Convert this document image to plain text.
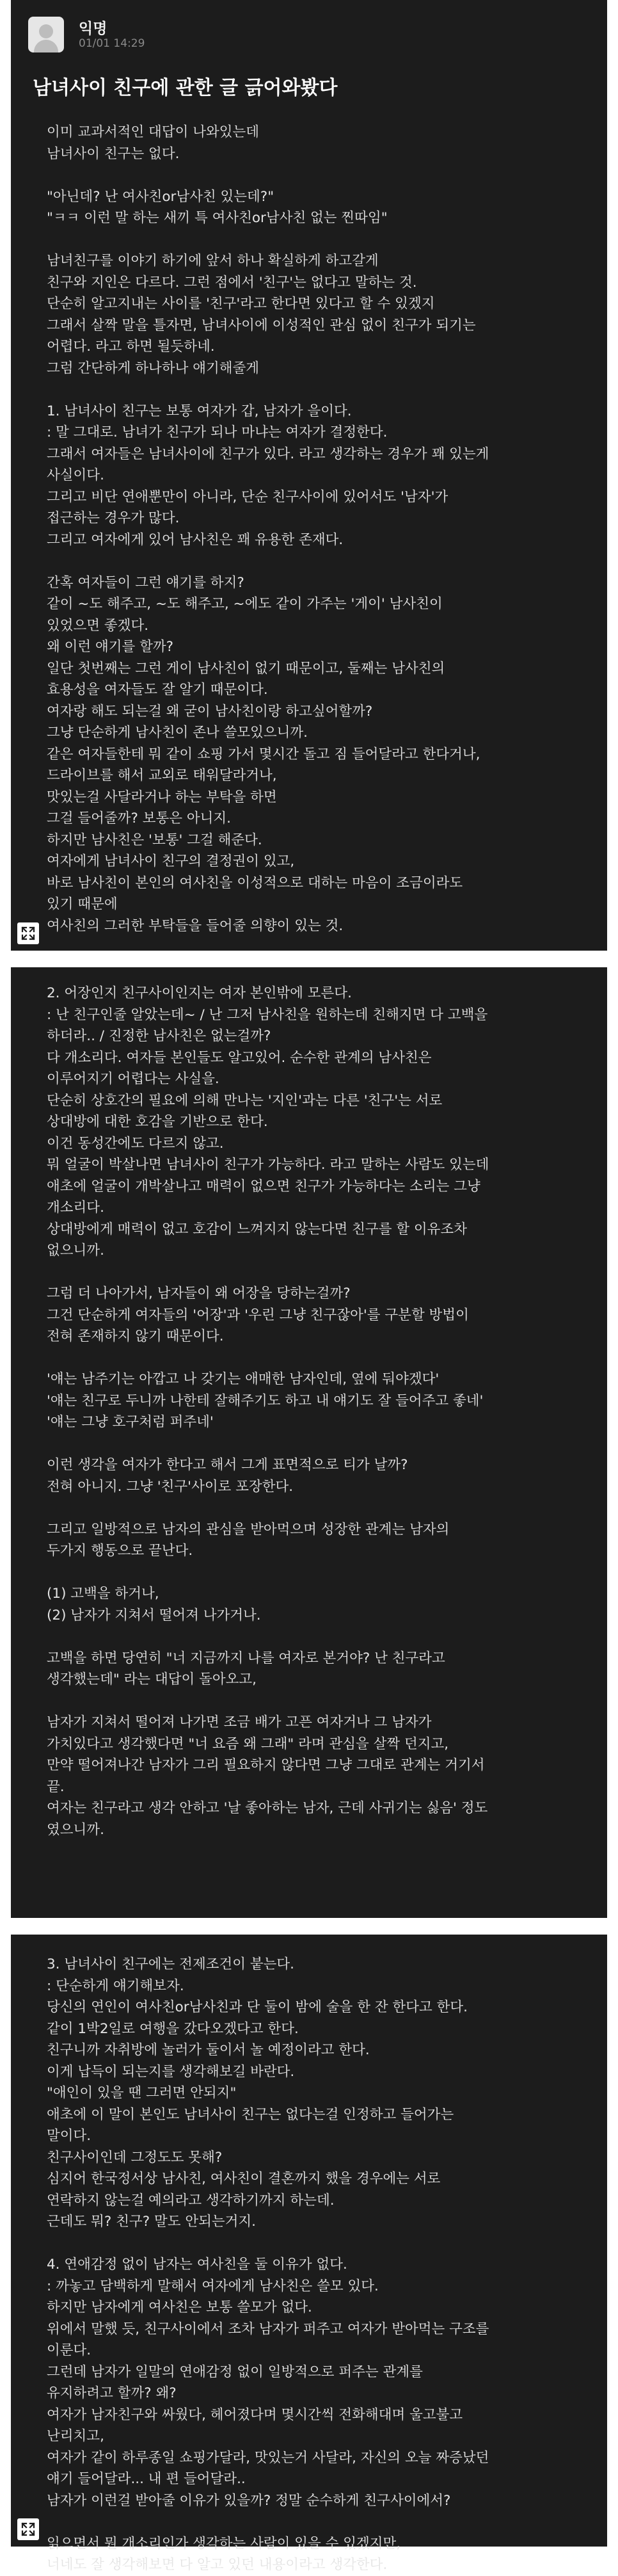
익명
01/01 14:29
남녀사이 친구에 관한 글 긁어와봤다

이미 교과서적인 대답이 나와있는데

남녀사이 친구는 없다.

"아닌데? 난 여사친or남사친 있는데?"

"ㅋㅋ 이런 말 하는 새끼 특 여사친or남사친 없는 찐따임"

남녀친구를 이야기 하기에 앞서 하나 확실하게 하고갈게

친구와 지인은 다르다. 그런 점에서 '친구'는 없다고 말하는 것.

단순히 알고지내는 사이를 '친구'라고 한다면 있다고 할 수 있겠지

그래서 살짝 말을 틀자면, 남녀사이에 이성적인 관심 없이 친구가 되기는

어렵다. 라고 하면 될듯하네.

그럼 간단하게 하나하나 얘기해줄게

1. 남녀사이 친구는 보통 여자가 갑, 남자가 을이다.

: 말 그대로. 남녀가 친구가 되나 마냐는 여자가 결정한다.

그래서 여자들은 남녀사이에 친구가 있다. 라고 생각하는 경우가 꽤 있는게

사실이다.

그리고 비단 연애뿐만이 아니라, 단순 친구사이에 있어서도 '남자'가

접근하는 경우가 많다.

그리고 여자에게 있어 남사친은 꽤 유용한 존재다.

간혹 여자들이 그런 얘기를 하지?

같이 ~도 해주고, ~도 해주고, ~에도 같이 가주는 '게이' 남사친이

있었으면 좋겠다.

왜 이런 얘기를 할까?

일단 첫번째는 그런 게이 남사친이 없기 때문이고, 둘째는 남사친의

효용성을 여자들도 잘 알기 때문이다.

여자랑 해도 되는걸 왜 굳이 남사친이랑 하고싶어할까?

그냥 단순하게 남사친이 존나 쓸모있으니까.

같은 여자들한테 뭐 같이 쇼핑 가서 몇시간 돌고 짐 들어달라고 한다거나,

드라이브를 해서 교외로 태워달라거나,

맛있는걸 사달라거나 하는 부탁을 하면

그걸 들어줄까? 보통은 아니지.

하지만 남사친은 '보통' 그걸 해준다.

여자에게 남녀사이 친구의 결정권이 있고,

바로 남사친이 본인의 여사친을 이성적으로 대하는 마음이 조금이라도

있기 때문에

여사친의 그러한 부탁들을 들어줄 의향이 있는 것.

2. 어장인지 친구사이인지는 여자 본인밖에 모른다.

: 난 친구인줄 알았는데~ / 난 그저 남사친을 원하는데 친해지면 다 고백을

하더라.. / 진정한 남사친은 없는걸까?

다 개소리다. 여자들 본인들도 알고있어. 순수한 관계의 남사친은

이루어지기 어렵다는 사실을.

단순히 상호간의 필요에 의해 만나는 '지인'과는 다른 '친구'는 서로

상대방에 대한 호감을 기반으로 한다.

이건 동성간에도 다르지 않고.

뭐 얼굴이 박살나면 남녀사이 친구가 가능하다. 라고 말하는 사람도 있는데

애초에 얼굴이 개박살나고 매력이 없으면 친구가 가능하다는 소리는 그냥

개소리다.

상대방에게 매력이 없고 호감이 느껴지지 않는다면 친구를 할 이유조차

없으니까.

그럼 더 나아가서, 남자들이 왜 어장을 당하는걸까?

그건 단순하게 여자들의 '어장'과 '우린 그냥 친구잖아'를 구분할 방법이

전혀 존재하지 않기 때문이다.

'얘는 남주기는 아깝고 나 갖기는 애매한 남자인데, 옆에 둬야겠다'

'얘는 친구로 두니까 나한테 잘해주기도 하고 내 얘기도 잘 들어주고 좋네'

'얘는 그냥 호구처럼 퍼주네'

이런 생각을 여자가 한다고 해서 그게 표면적으로 티가 날까?

전혀 아니지. 그냥 '친구'사이로 포장한다.

그리고 일방적으로 남자의 관심을 받아먹으며 성장한 관계는 남자의

두가지 행동으로 끝난다.

(1) 고백을 하거나,

(2) 남자가 지쳐서 떨어져 나가거나.

고백을 하면 당연히 "너 지금까지 나를 여자로 본거야? 난 친구라고

생각했는데" 라는 대답이 돌아오고,

남자가 지쳐서 떨어져 나가면 조금 배가 고픈 여자거나 그 남자가

가치있다고 생각했다면 "너 요즘 왜 그래" 라며 관심을 살짝 던지고,

만약 떨어져나간 남자가 그리 필요하지 않다면 그냥 그대로 관계는 거기서

끝.

여자는 친구라고 생각 안하고 '날 좋아하는 남자, 근데 사귀기는 싫음' 정도

였으니까.

3. 남녀사이 친구에는 전제조건이 붙는다.

: 단순하게 얘기해보자.

당신의 연인이 여사친or남사친과 단 둘이 밤에 술을 한 잔 한다고 한다.

같이 1박2일로 여행을 갔다오겠다고 한다.

친구니까 자취방에 놀러가 둘이서 놀 예정이라고 한다.

이게 납득이 되는지를 생각해보길 바란다.

"애인이 있을 땐 그러면 안되지"

애초에 이 말이 본인도 남녀사이 친구는 없다는걸 인정하고 들어가는

말이다.

친구사이인데 그정도도 못해?

심지어 한국정서상 남사친, 여사친이 결혼까지 했을 경우에는 서로

연락하지 않는걸 예의라고 생각하기까지 하는데.

근데도 뭐? 친구? 말도 안되는거지.

4. 연애감정 없이 남자는 여사친을 둘 이유가 없다.

: 까놓고 담백하게 말해서 여자에게 남사친은 쓸모 있다.

하지만 남자에게 여사친은 보통 쓸모가 없다.

위에서 말했 듯, 친구사이에서 조차 남자가 퍼주고 여자가 받아먹는 구조를

이룬다.

그런데 남자가 일말의 연애감정 없이 일방적으로 퍼주는 관계를

유지하려고 할까? 왜?

여자가 남자친구와 싸웠다, 헤어졌다며 몇시간씩 전화해대며 울고불고

난리치고,

여자가 같이 하루종일 쇼핑가달라, 맛있는거 사달라, 자신의 오늘 짜증났던

얘기 들어달라... 내 편 들어달라..

남자가 이런걸 받아줄 이유가 있을까? 정말 순수하게 친구사이에서?

읽으면서 뭔 개소리인가 생각하는 사람이 있을 수 있겠지만,

너네도 잘 생각해보면 다 알고 있던 내용이라고 생각한다.
